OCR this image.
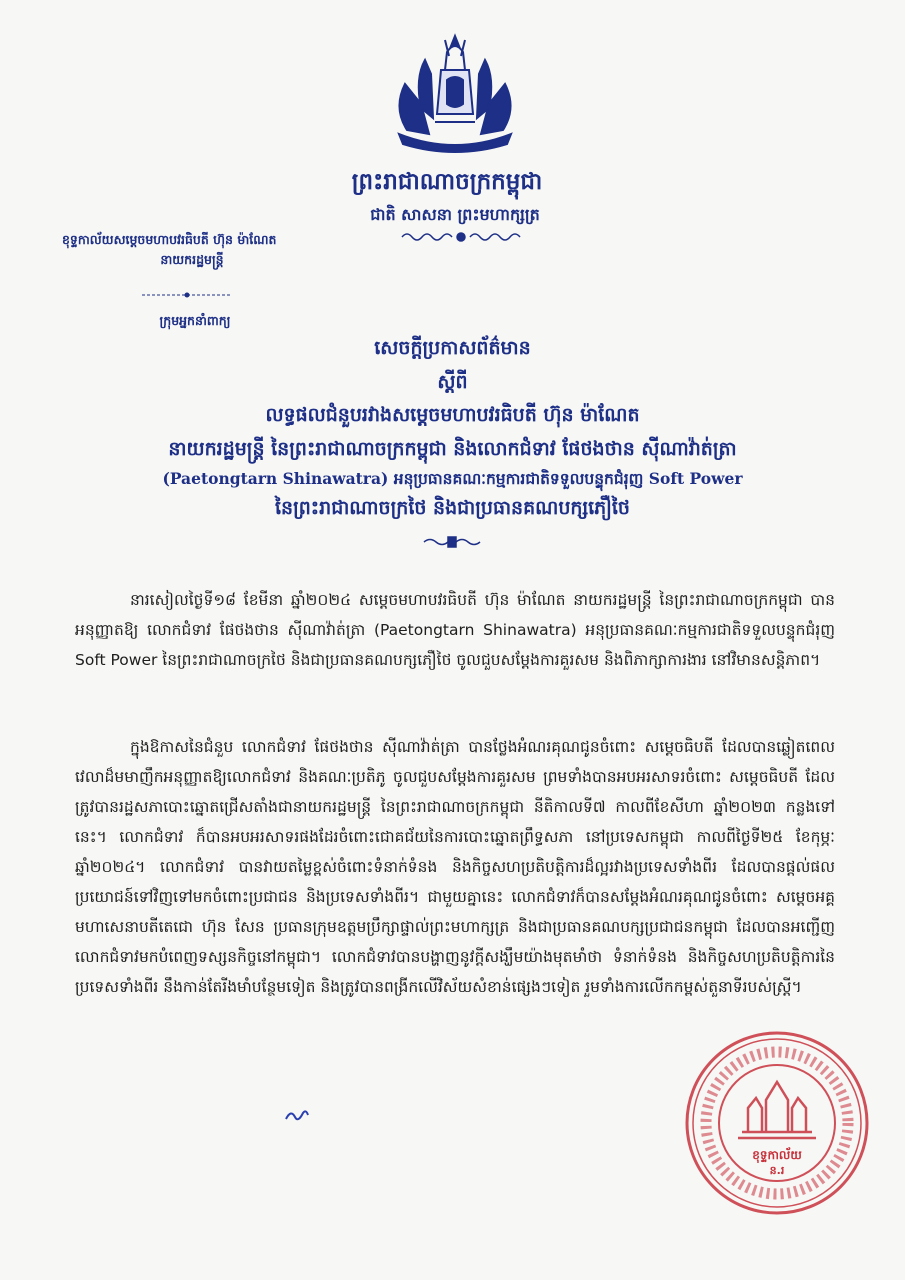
ព្រះរាជាណាចក្រកម្ពុជា
ជាតិ សាសនា ព្រះមហាក្សត្រ
ខុទ្ទកាល័យសម្តេចមហាបវរធិបតី ហ៊ុន ម៉ាណែត
នាយករដ្ឋមន្ត្រី
ក្រុមអ្នកនាំពាក្យ
សេចក្តីប្រកាសព័ត៌មាន
ស្តីពី
លទ្ធផលជំនួបរវាងសម្តេចមហាបវរធិបតី ហ៊ុន ម៉ាណែត
នាយករដ្ឋមន្ត្រី នៃព្រះរាជាណាចក្រកម្ពុជា និងលោកជំទាវ ផែថងថាន ស៊ីណាវ៉ាត់ត្រា
(Paetongtarn Shinawatra) អនុប្រធានគណៈកម្មការជាតិទទួលបន្ទុកជំរុញ Soft Power
នៃព្រះរាជាណាចក្រថៃ និងជាប្រធានគណបក្សភឿថៃ
នារសៀលថ្ងៃទី១៨ ខែមីនា ឆ្នាំ២០២៤ សម្តេចមហាបវរធិបតី ហ៊ុន ម៉ាណែត នាយករដ្ឋមន្ត្រី នៃព្រះរាជាណាចក្រកម្ពុជា បានអនុញ្ញាតឱ្យ លោកជំទាវ ផែថងថាន ស៊ីណាវ៉ាត់ត្រា (Paetongtarn Shinawatra) អនុប្រធានគណៈកម្មការជាតិទទួលបន្ទុកជំរុញ Soft Power នៃព្រះរាជាណាចក្រថៃ និងជាប្រធានគណបក្សភឿថៃ ចូលជួបសម្តែងការគួរសម និងពិភាក្សាការងារ នៅវិមានសន្តិភាព។
ក្នុងឱកាសនៃជំនួប លោកជំទាវ ផែថងថាន ស៊ីណាវ៉ាត់ត្រា បានថ្លែងអំណរគុណជូនចំពោះ សម្តេចធិបតី ដែលបានឆ្លៀតពេលវេលាដ៏មមាញឹកអនុញ្ញាតឱ្យលោកជំទាវ និងគណៈប្រតិភូ ចូលជួបសម្តែងការគួរសម ព្រមទាំងបានអបអរសាទរចំពោះ សម្តេចធិបតី ដែលត្រូវបានរដ្ឋសភាបោះឆ្នោតជ្រើសតាំងជានាយករដ្ឋមន្ត្រី នៃព្រះរាជាណាចក្រកម្ពុជា នីតិកាលទី៧ កាលពីខែសីហា ឆ្នាំ២០២៣ កន្លងទៅនេះ។ លោកជំទាវ ក៏បានអបអរសាទរផងដែរចំពោះជោគជ័យនៃការបោះឆ្នោតព្រឹទ្ធសភា នៅប្រទេសកម្ពុជា កាលពីថ្ងៃទី២៥ ខែកុម្ភៈ ឆ្នាំ២០២៤។ លោកជំទាវ បានវាយតម្លៃខ្ពស់ចំពោះទំនាក់ទំនង និងកិច្ចសហប្រតិបត្តិការដ៏ល្អរវាងប្រទេសទាំងពីរ ដែលបានផ្តល់ផលប្រយោជន៍ទៅវិញទៅមកចំពោះប្រជាជន និងប្រទេសទាំងពីរ។ ជាមួយគ្នានេះ លោកជំទាវក៏បានសម្តែងអំណរគុណជូនចំពោះ សម្តេចអគ្គមហាសេនាបតីតេជោ ហ៊ុន សែន ប្រធានក្រុមឧត្តមប្រឹក្សាផ្ទាល់ព្រះមហាក្សត្រ និងជាប្រធានគណបក្សប្រជាជនកម្ពុជា ដែលបានអញ្ជើញលោកជំទាវមកបំពេញទស្សនកិច្ចនៅកម្ពុជា។ លោកជំទាវបានបង្ហាញនូវក្តីសង្ឃឹមយ៉ាងមុតមាំថា ទំនាក់ទំនង និងកិច្ចសហប្រតិបត្តិការនៃប្រទេសទាំងពីរ នឹងកាន់តែរីងមាំបន្ថែមទៀត និងត្រូវបានពង្រីកលើវិស័យសំខាន់ផ្សេងៗទៀត រួមទាំងការលើកកម្ពស់តួនាទីរបស់ស្ត្រី។
ខុទ្ទកាល័យ
ន.រ
